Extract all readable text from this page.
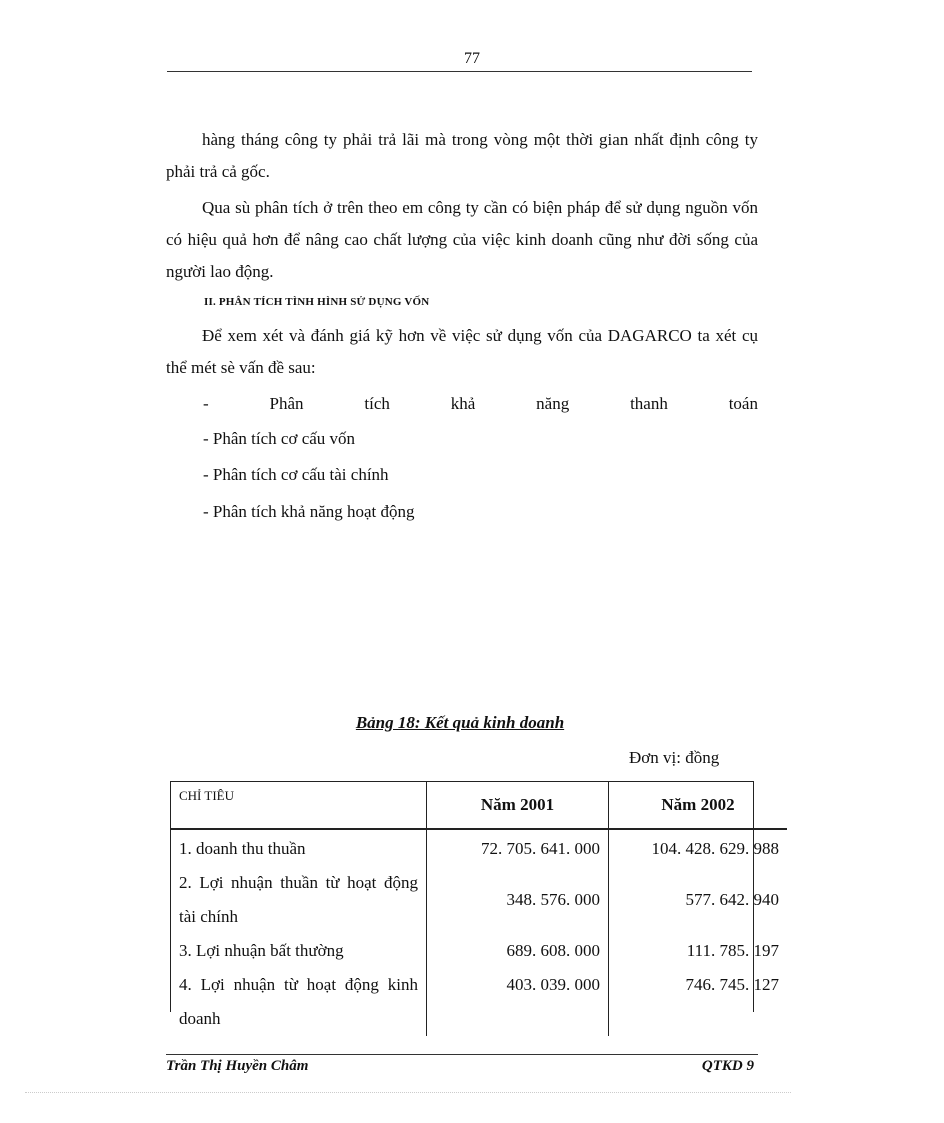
77

hàng tháng công ty phải trả lãi mà trong vòng một thời gian nhất định công ty phải trả cả gốc.

Qua sù phân tích ở trên theo em công ty cần có biện pháp để sử dụng nguồn vốn có hiệu quả hơn để nâng cao chất lượng của việc kinh doanh cũng như đời sống của người lao động.

II. PHÂN TÍCH TÌNH HÌNH SỬ DỤNG VỐN

Để xem xét và đánh giá kỹ hơn về việc sử dụng vốn của DAGARCO ta xét cụ thể mét sè vấn đề sau:

-	Phân	tích	khả	năng	thanh	toán
- Phân tích cơ cấu vốn
- Phân tích cơ cấu tài chính
- Phân tích khả năng hoạt động
Bảng 18: Kết quả kinh doanh
Đơn vị: đồng
CHỈ TIÊU	Năm 2001	Năm 2002
1. doanh thu thuần	72. 705. 641. 000	104. 428. 629. 988
2. Lợi nhuận thuần từ hoạt động tài chính	348. 576. 000	577. 642. 940
3. Lợi nhuận bất thường	689. 608. 000	111. 785. 197
4. Lợi nhuận từ hoạt động kinh doanh	403. 039. 000	746. 745. 127
Trần Thị Huyền Châm	QTKD 9
